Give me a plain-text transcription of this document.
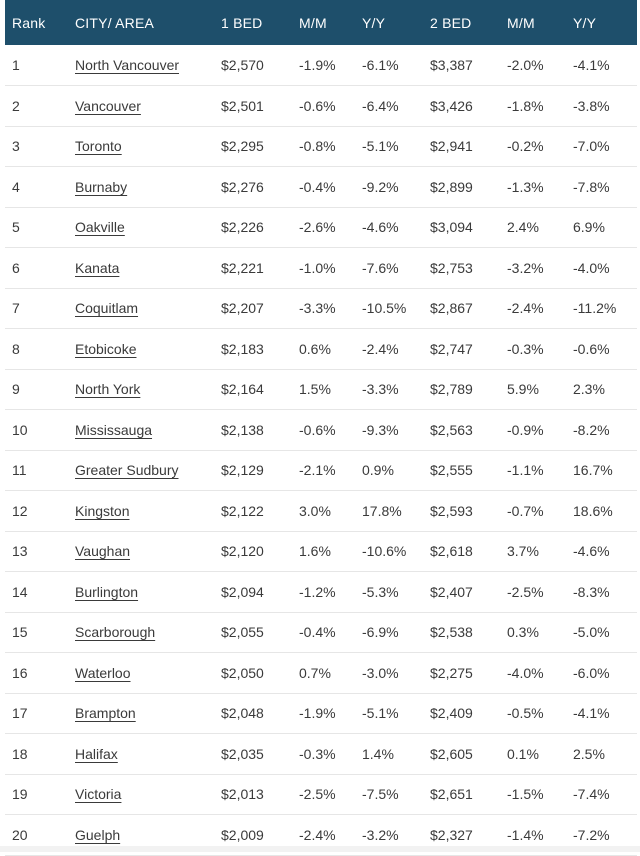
Rank	CITY/ AREA	1 BED	M/M	Y/Y	2 BED	M/M	Y/Y
1	North Vancouver	$2,570	-1.9%	-6.1%	$3,387	-2.0%	-4.1%
2	Vancouver	$2,501	-0.6%	-6.4%	$3,426	-1.8%	-3.8%
3	Toronto	$2,295	-0.8%	-5.1%	$2,941	-0.2%	-7.0%
4	Burnaby	$2,276	-0.4%	-9.2%	$2,899	-1.3%	-7.8%
5	Oakville	$2,226	-2.6%	-4.6%	$3,094	2.4%	6.9%
6	Kanata	$2,221	-1.0%	-7.6%	$2,753	-3.2%	-4.0%
7	Coquitlam	$2,207	-3.3%	-10.5%	$2,867	-2.4%	-11.2%
8	Etobicoke	$2,183	0.6%	-2.4%	$2,747	-0.3%	-0.6%
9	North York	$2,164	1.5%	-3.3%	$2,789	5.9%	2.3%
10	Mississauga	$2,138	-0.6%	-9.3%	$2,563	-0.9%	-8.2%
11	Greater Sudbury	$2,129	-2.1%	0.9%	$2,555	-1.1%	16.7%
12	Kingston	$2,122	3.0%	17.8%	$2,593	-0.7%	18.6%
13	Vaughan	$2,120	1.6%	-10.6%	$2,618	3.7%	-4.6%
14	Burlington	$2,094	-1.2%	-5.3%	$2,407	-2.5%	-8.3%
15	Scarborough	$2,055	-0.4%	-6.9%	$2,538	0.3%	-5.0%
16	Waterloo	$2,050	0.7%	-3.0%	$2,275	-4.0%	-6.0%
17	Brampton	$2,048	-1.9%	-5.1%	$2,409	-0.5%	-4.1%
18	Halifax	$2,035	-0.3%	1.4%	$2,605	0.1%	2.5%
19	Victoria	$2,013	-2.5%	-7.5%	$2,651	-1.5%	-7.4%
20	Guelph	$2,009	-2.4%	-3.2%	$2,327	-1.4%	-7.2%
